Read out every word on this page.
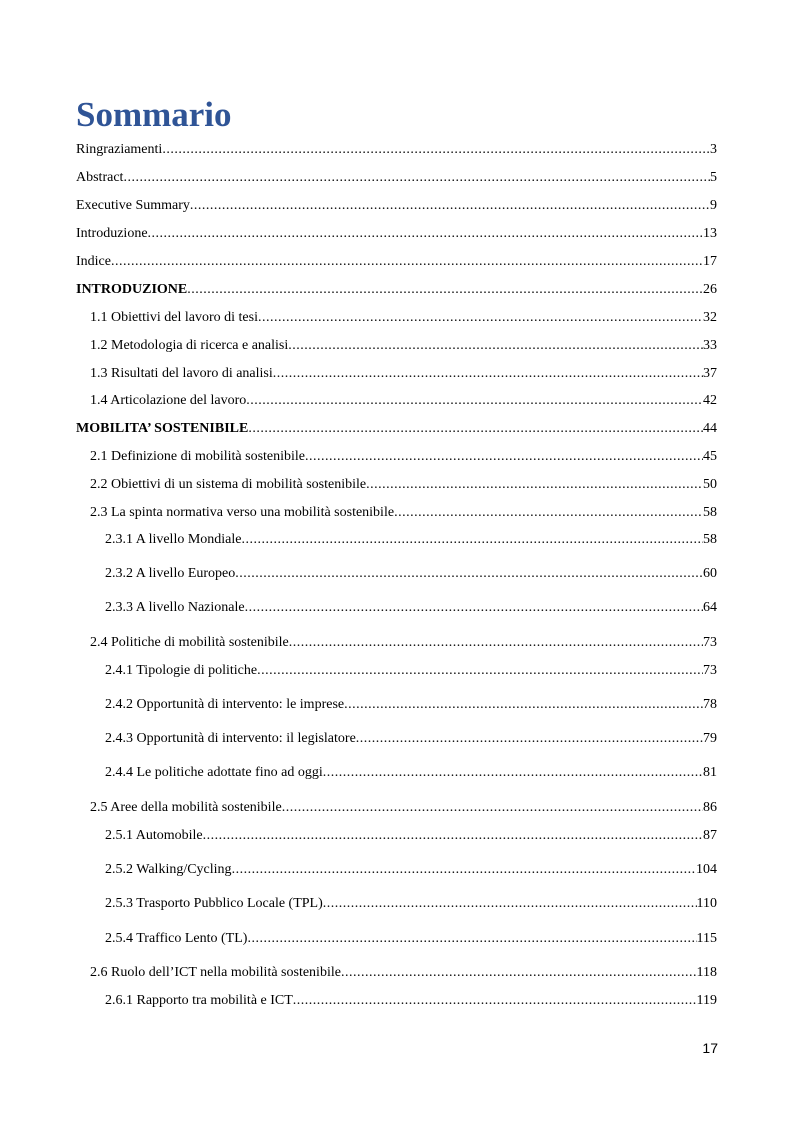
Sommario
Ringraziamenti .....	3
Abstract .....	5
Executive Summary .....	9
Introduzione .....	13
Indice .....	17
INTRODUZIONE .....	26
1.1 Obiettivi del lavoro di tesi .....	32
1.2 Metodologia di ricerca e analisi .....	33
1.3 Risultati del lavoro di analisi .....	37
1.4 Articolazione del lavoro .....	42
MOBILITA’ SOSTENIBILE .....	44
2.1 Definizione di mobilità sostenibile .....	45
2.2 Obiettivi di un sistema di mobilità sostenibile .....	50
2.3 La spinta normativa verso una mobilità sostenibile .....	58
2.3.1 A livello Mondiale .....	58
2.3.2 A livello Europeo .....	60
2.3.3 A livello Nazionale .....	64
2.4 Politiche di mobilità sostenibile .....	73
2.4.1 Tipologie di politiche .....	73
2.4.2 Opportunità di intervento: le imprese .....	78
2.4.3 Opportunità di intervento: il legislatore .....	79
2.4.4 Le politiche adottate fino ad oggi .....	81
2.5 Aree della mobilità sostenibile .....	86
2.5.1 Automobile .....	87
2.5.2 Walking/Cycling .....	104
2.5.3 Trasporto Pubblico Locale (TPL) .....	110
2.5.4 Traffico Lento (TL) .....	115
2.6 Ruolo dell’ICT nella mobilità sostenibile .....	118
2.6.1 Rapporto tra mobilità e ICT .....	119
17
